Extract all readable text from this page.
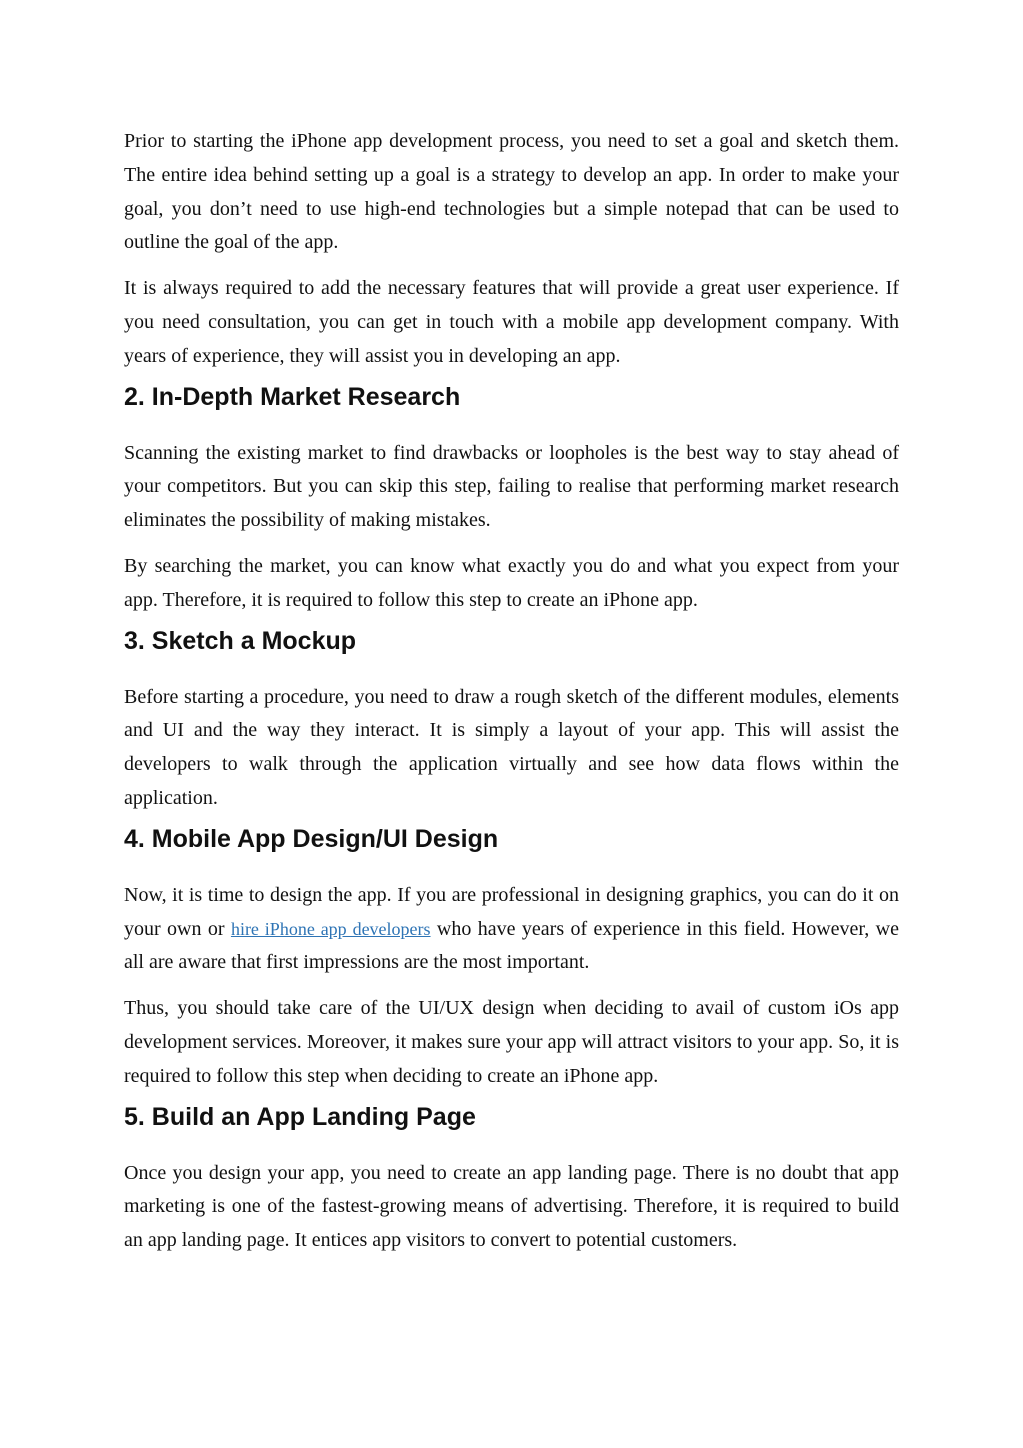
Prior to starting the iPhone app development process, you need to set a goal and sketch them. The entire idea behind setting up a goal is a strategy to develop an app. In order to make your goal, you don’t need to use high-end technologies but a simple notepad that can be used to outline the goal of the app.

It is always required to add the necessary features that will provide a great user experience. If you need consultation, you can get in touch with a mobile app development company. With years of experience, they will assist you in developing an app.

2. In-Depth Market Research

Scanning the existing market to find drawbacks or loopholes is the best way to stay ahead of your competitors. But you can skip this step, failing to realise that performing market research eliminates the possibility of making mistakes.

By searching the market, you can know what exactly you do and what you expect from your app. Therefore, it is required to follow this step to create an iPhone app.

3. Sketch a Mockup

Before starting a procedure, you need to draw a rough sketch of the different modules, elements and UI and the way they interact. It is simply a layout of your app. This will assist the developers to walk through the application virtually and see how data flows within the application.

4. Mobile App Design/UI Design

Now, it is time to design the app. If you are professional in designing graphics, you can do it on your own or hire iPhone app developers who have years of experience in this field. However, we all are aware that first impressions are the most important.

Thus, you should take care of the UI/UX design when deciding to avail of custom iOs app development services. Moreover, it makes sure your app will attract visitors to your app. So, it is required to follow this step when deciding to create an iPhone app.

5. Build an App Landing Page

Once you design your app, you need to create an app landing page. There is no doubt that app marketing is one of the fastest-growing means of advertising. Therefore, it is required to build an app landing page. It entices app visitors to convert to potential customers.
